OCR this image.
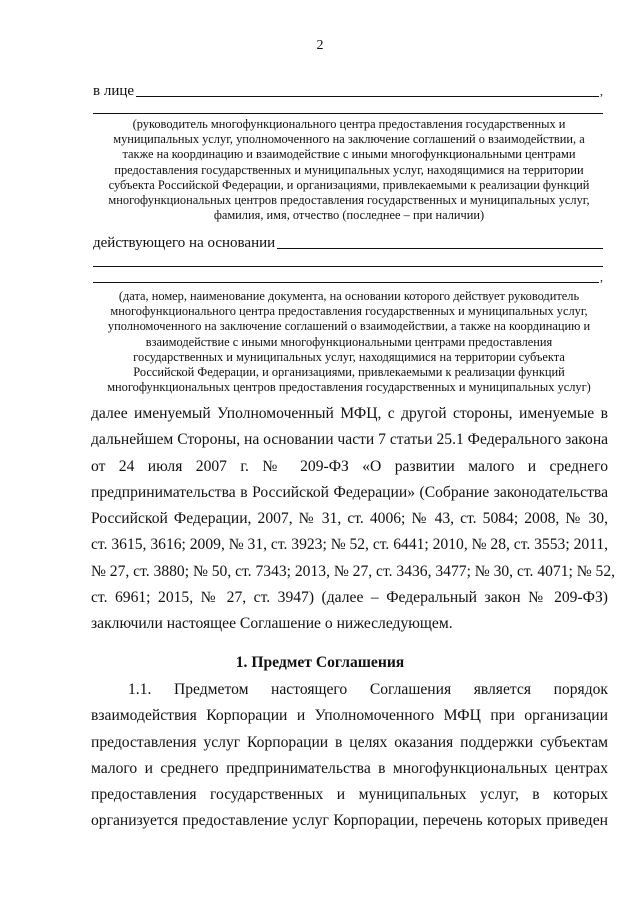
2
в лице	,
(руководитель многофункционального центра предоставления государственных и
муниципальных услуг, уполномоченного на заключение соглашений о взаимодействии, а
также на координацию и взаимодействие с иными многофункциональными центрами
предоставления государственных и муниципальных услуг, находящимися на территории
субъекта Российской Федерации, и организациями, привлекаемыми к реализации функций
многофункциональных центров предоставления государственных и муниципальных услуг,
фамилия, имя, отчество (последнее – при наличии)
действующего на основании
,
(дата, номер, наименование документа, на основании которого действует руководитель
многофункционального центра предоставления государственных и муниципальных услуг,
уполномоченного на заключение соглашений о взаимодействии, а также на координацию и
взаимодействие с иными многофункциональными центрами предоставления
государственных и муниципальных услуг, находящимися на территории субъекта
Российской Федерации, и организациями, привлекаемыми к реализации функций
многофункциональных центров предоставления государственных и муниципальных услуг)
далее именуемый Уполномоченный МФЦ, с другой стороны, именуемые в
дальнейшем Стороны, на основании части 7 статьи 25.1 Федерального закона
от 24 июля 2007 г. № 209-ФЗ «О развитии малого и среднего
предпринимательства в Российской Федерации» (Собрание законодательства
Российской Федерации, 2007, № 31, ст. 4006; № 43, ст. 5084; 2008, № 30,
ст. 3615, 3616; 2009, № 31, ст. 3923; № 52, ст. 6441; 2010, № 28, ст. 3553; 2011,
№ 27, ст. 3880; № 50, ст. 7343; 2013, № 27, ст. 3436, 3477; № 30, ст. 4071; № 52,
ст. 6961; 2015, № 27, ст. 3947) (далее – Федеральный закон № 209-ФЗ)
заключили настоящее Соглашение о нижеследующем.
1. Предмет Соглашения
1.1. Предметом настоящего Соглашения является порядок
взаимодействия Корпорации и Уполномоченного МФЦ при организации
предоставления услуг Корпорации в целях оказания поддержки субъектам
малого и среднего предпринимательства в многофункциональных центрах
предоставления государственных и муниципальных услуг, в которых
организуется предоставление услуг Корпорации, перечень которых приведен
